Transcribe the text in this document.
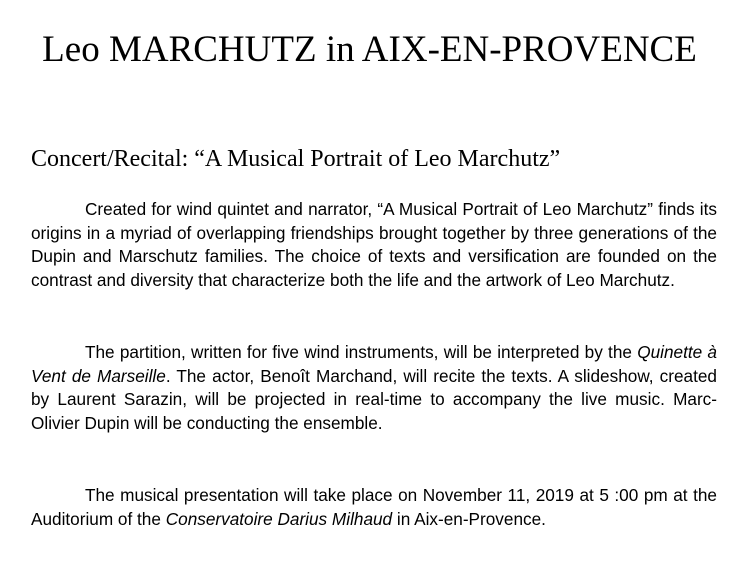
Leo MARCHUTZ in AIX-EN-PROVENCE
Concert/Recital: “A Musical Portrait of Leo Marchutz”

Created for wind quintet and narrator, “A Musical Portrait of Leo Marchutz” finds its origins in a myriad of overlapping friendships brought together by three generations of the Dupin and Marschutz families. The choice of texts and versification are founded on the contrast and diversity that characterize both the life and the artwork of Leo Marchutz.

The partition, written for five wind instruments, will be interpreted by the Quinette à Vent de Marseille. The actor, Benoît Marchand, will recite the texts. A slideshow, created by Laurent Sarazin, will be projected in real-time to accompany the live music. Marc-Olivier Dupin will be conducting the ensemble.

The musical presentation will take place on November 11, 2019 at 5 :00 pm at the Auditorium of the Conservatoire Darius Milhaud in Aix-en-Provence.
